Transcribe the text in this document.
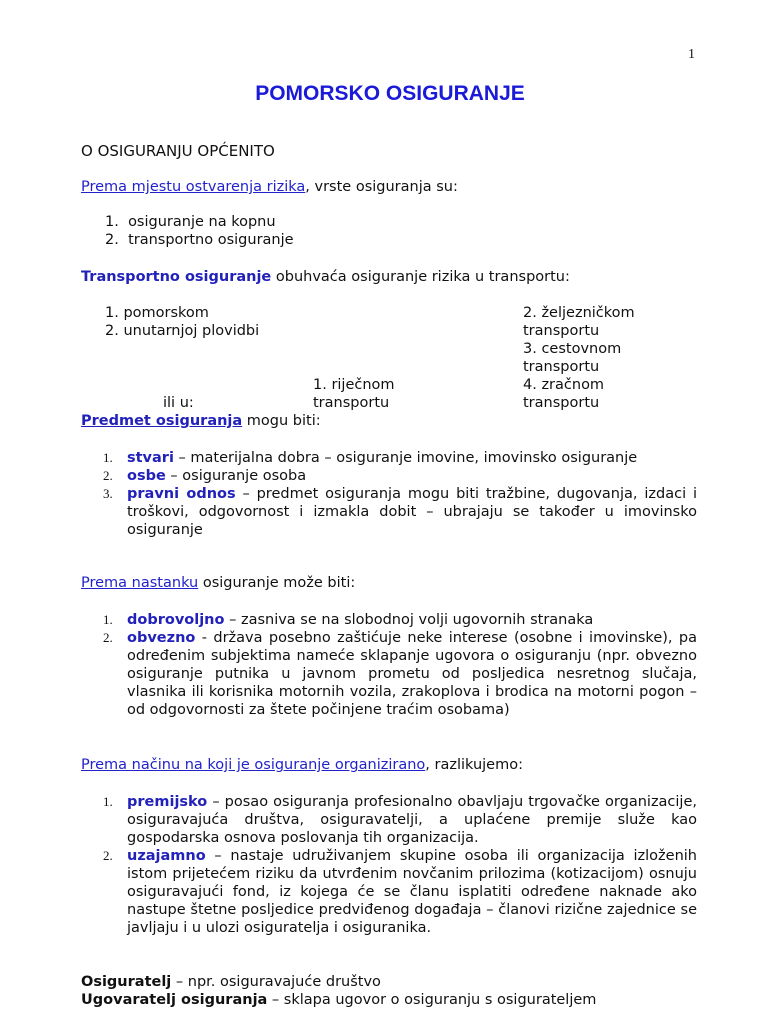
1
POMORSKO OSIGURANJE
O OSIGURANJU OPĆENITO
Prema mjestu ostvarenja rizika, vrste osiguranja su:
1.  osiguranje na kopnu
2.  transportno osiguranje
Transportno osiguranje obuhvaća osiguranje rizika u transportu:
1. pomorskom
2. unutarnjoj plovidbi
ili u:
1. riječnom
transportu
2. željezničkom
transportu
3. cestovnom
transportu
4. zračnom
transportu
Predmet osiguranja mogu biti:
1. stvari – materijalna dobra – osiguranje imovine, imovinsko osiguranje
2. osbe – osiguranje osoba
3. pravni odnos – predmet osiguranja mogu biti tražbine, dugovanja, izdaci i troškovi, odgovornost i izmakla dobit – ubrajaju se također u imovinsko osiguranje
Prema nastanku osiguranje može biti:
1. dobrovoljno – zasniva se na slobodnoj volji ugovornih stranaka
2. obvezno - država posebno zaštićuje neke interese (osobne i imovinske), pa određenim subjektima nameće sklapanje ugovora o osiguranju (npr. obvezno osiguranje putnika u javnom prometu od posljedica nesretnog slučaja, vlasnika ili korisnika motornih vozila, zrakoplova i brodica na motorni pogon – od odgovornosti za štete počinjene traćim osobama)
Prema načinu na koji je osiguranje organizirano, razlikujemo:
1. premijsko – posao osiguranja profesionalno obavljaju trgovačke organizacije, osiguravajuća društva, osiguravatelji, a uplaćene premije služe kao gospodarska osnova poslovanja tih organizacija.
2. uzajamno – nastaje udruživanjem skupine osoba ili organizacija izloženih istom prijetećem riziku da utvrđenim novčanim prilozima (kotizacijom) osnuju osiguravajući fond, iz kojega će se članu isplatiti određene naknade ako nastupe štetne posljedice predviđenog događaja – članovi rizične zajednice se javljaju i u ulozi osiguratelja i osiguranika.
Osiguratelj – npr. osiguravajuće društvo
Ugovaratelj osiguranja – sklapa ugovor o osiguranju s osigurateljem
